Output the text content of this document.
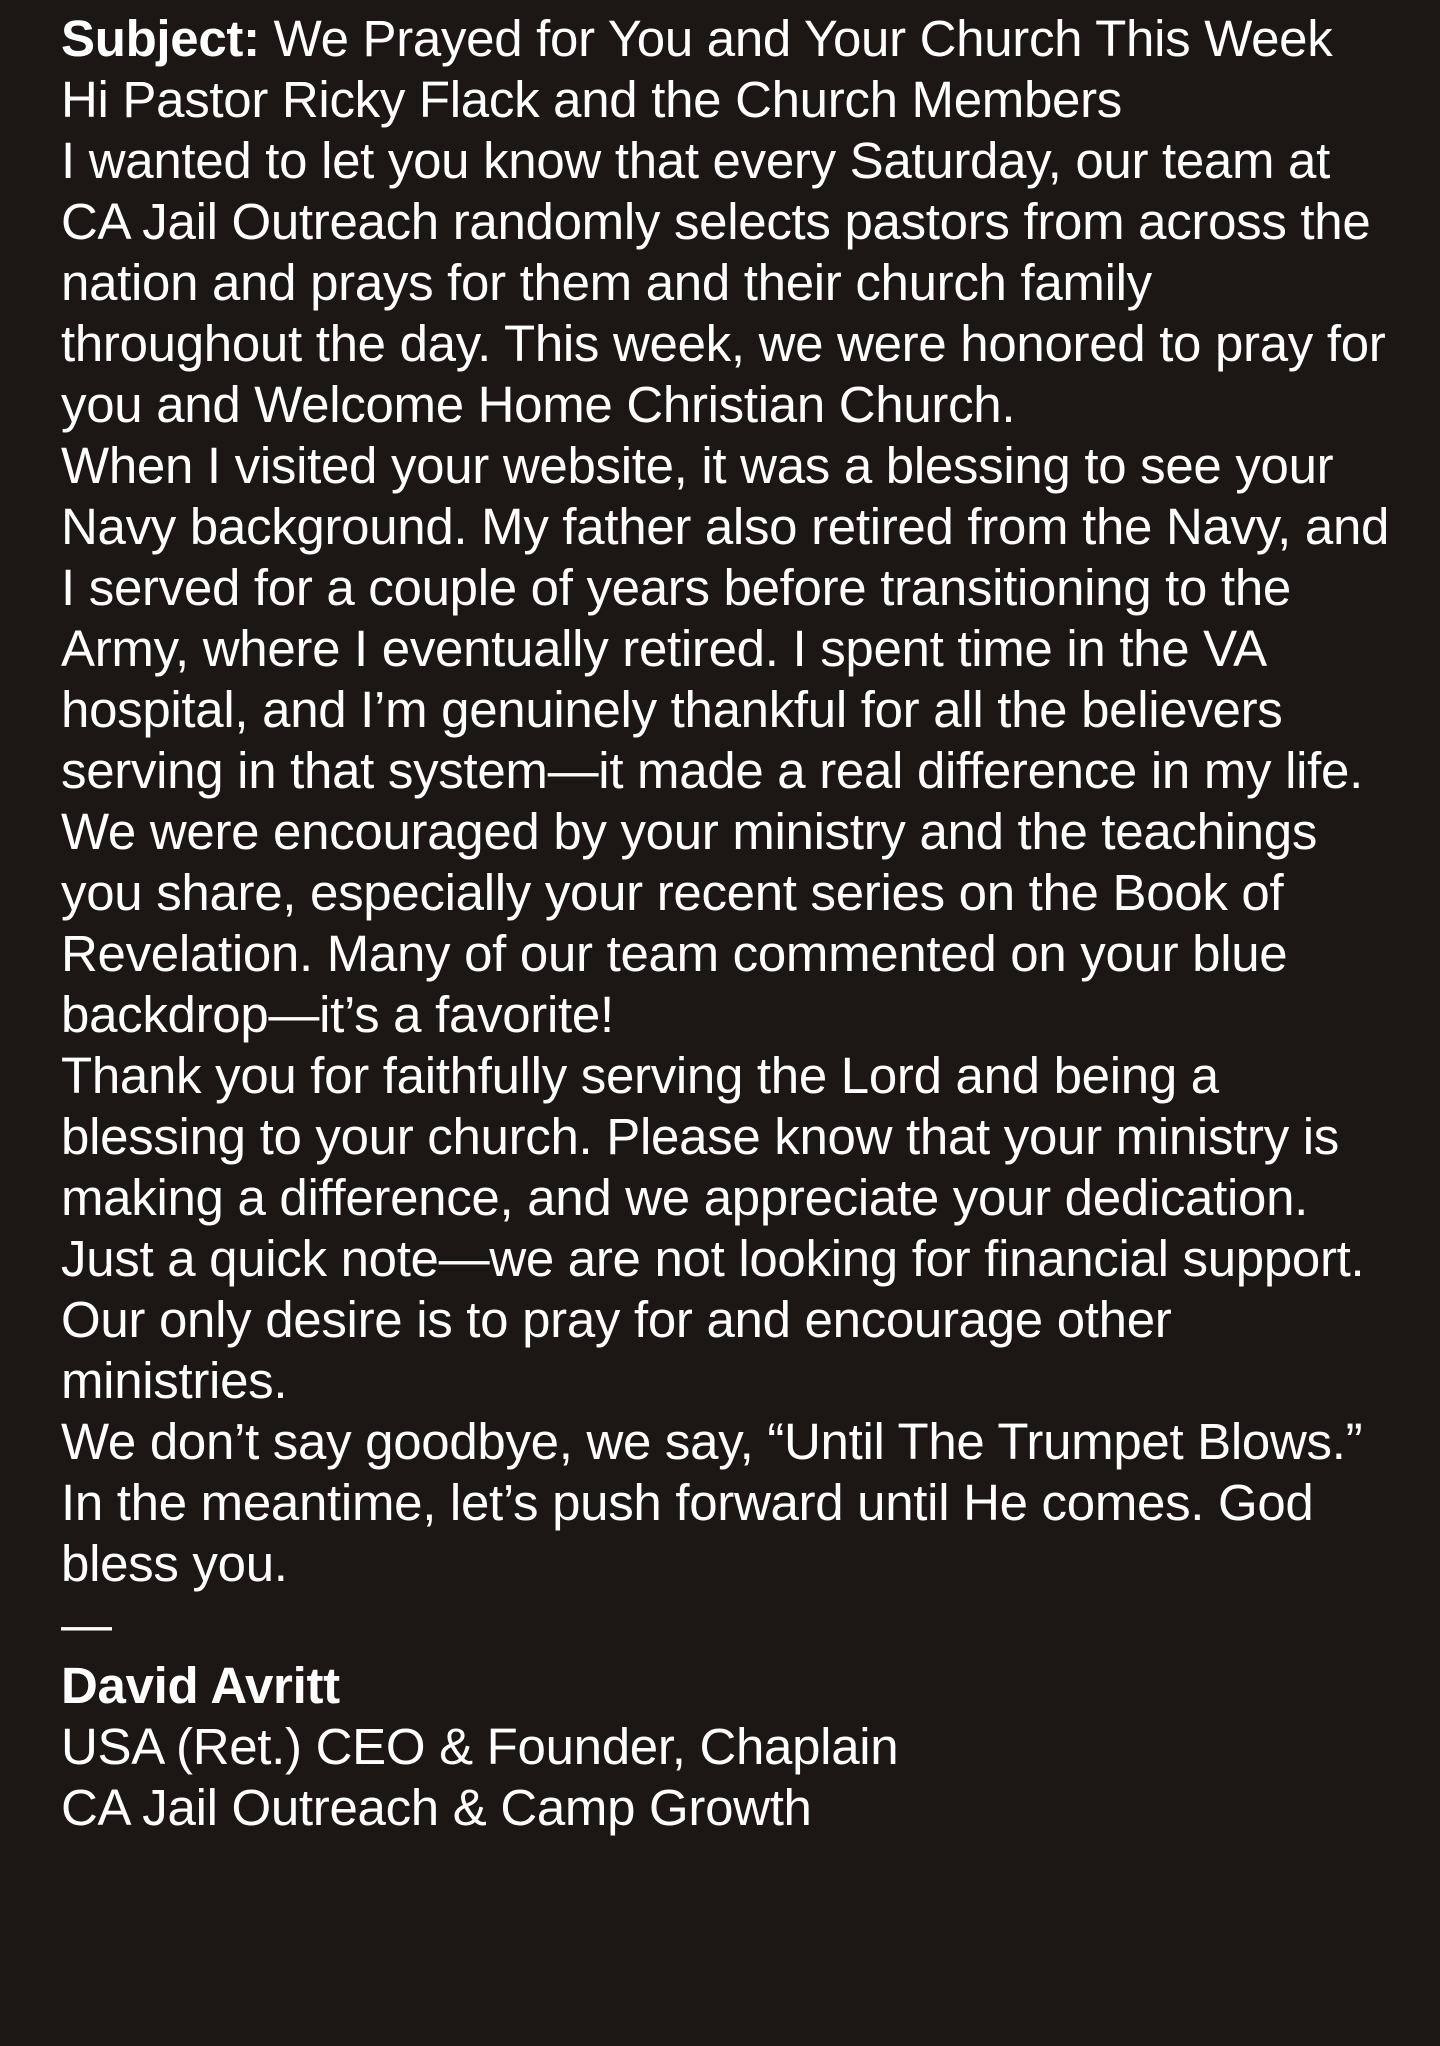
Subject: We Prayed for You and Your Church This Week
Hi Pastor Ricky Flack and the Church Members
I wanted to let you know that every Saturday, our team at CA Jail Outreach randomly selects pastors from across the nation and prays for them and their church family throughout the day. This week, we were honored to pray for you and Welcome Home Christian Church.
When I visited your website, it was a blessing to see your Navy background. My father also retired from the Navy, and I served for a couple of years before transitioning to the Army, where I eventually retired. I spent time in the VA hospital, and I’m genuinely thankful for all the believers serving in that system—it made a real difference in my life.
We were encouraged by your ministry and the teachings you share, especially your recent series on the Book of Revelation. Many of our team commented on your blue backdrop—it’s a favorite!
Thank you for faithfully serving the Lord and being a blessing to your church. Please know that your ministry is making a difference, and we appreciate your dedication.
Just a quick note—we are not looking for financial support. Our only desire is to pray for and encourage other ministries.
We don’t say goodbye, we say, “Until The Trumpet Blows.” In the meantime, let’s push forward until He comes. God bless you.
—
David Avritt
USA (Ret.) CEO & Founder, Chaplain
CA Jail Outreach & Camp Growth
